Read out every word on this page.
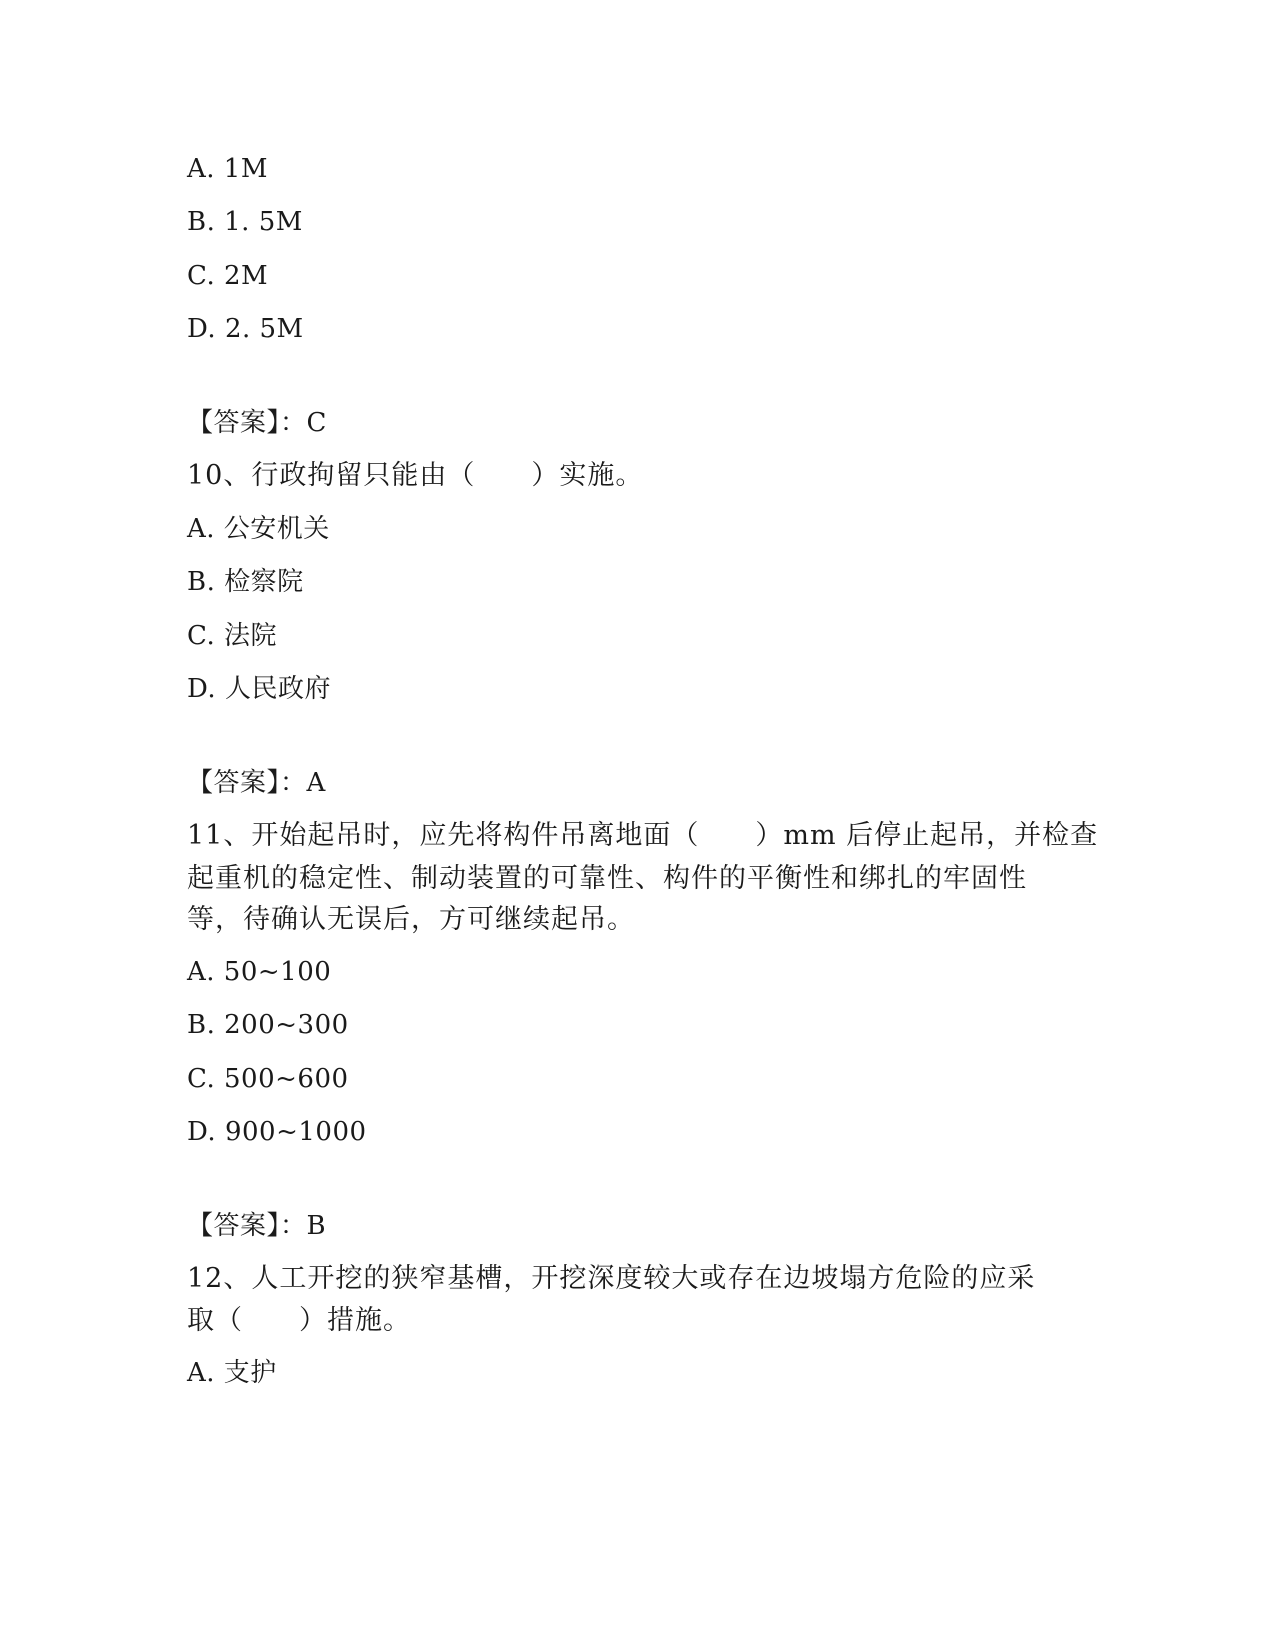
A. 1M
B. 1. 5M
C. 2M
D. 2. 5M
【答案】：C
10、行政拘留只能由（　　）实施。
A. 公安机关
B. 检察院
C. 法院
D. 人民政府
【答案】：A
11、开始起吊时，应先将构件吊离地面（　　）mm 后停止起吊，并检查
起重机的稳定性、制动装置的可靠性、构件的平衡性和绑扎的牢固性
等，待确认无误后，方可继续起吊。
A. 50~100
B. 200~300
C. 500~600
D. 900~1000
【答案】：B
12、人工开挖的狭窄基槽，开挖深度较大或存在边坡塌方危险的应采
取（　　）措施。
A. 支护
